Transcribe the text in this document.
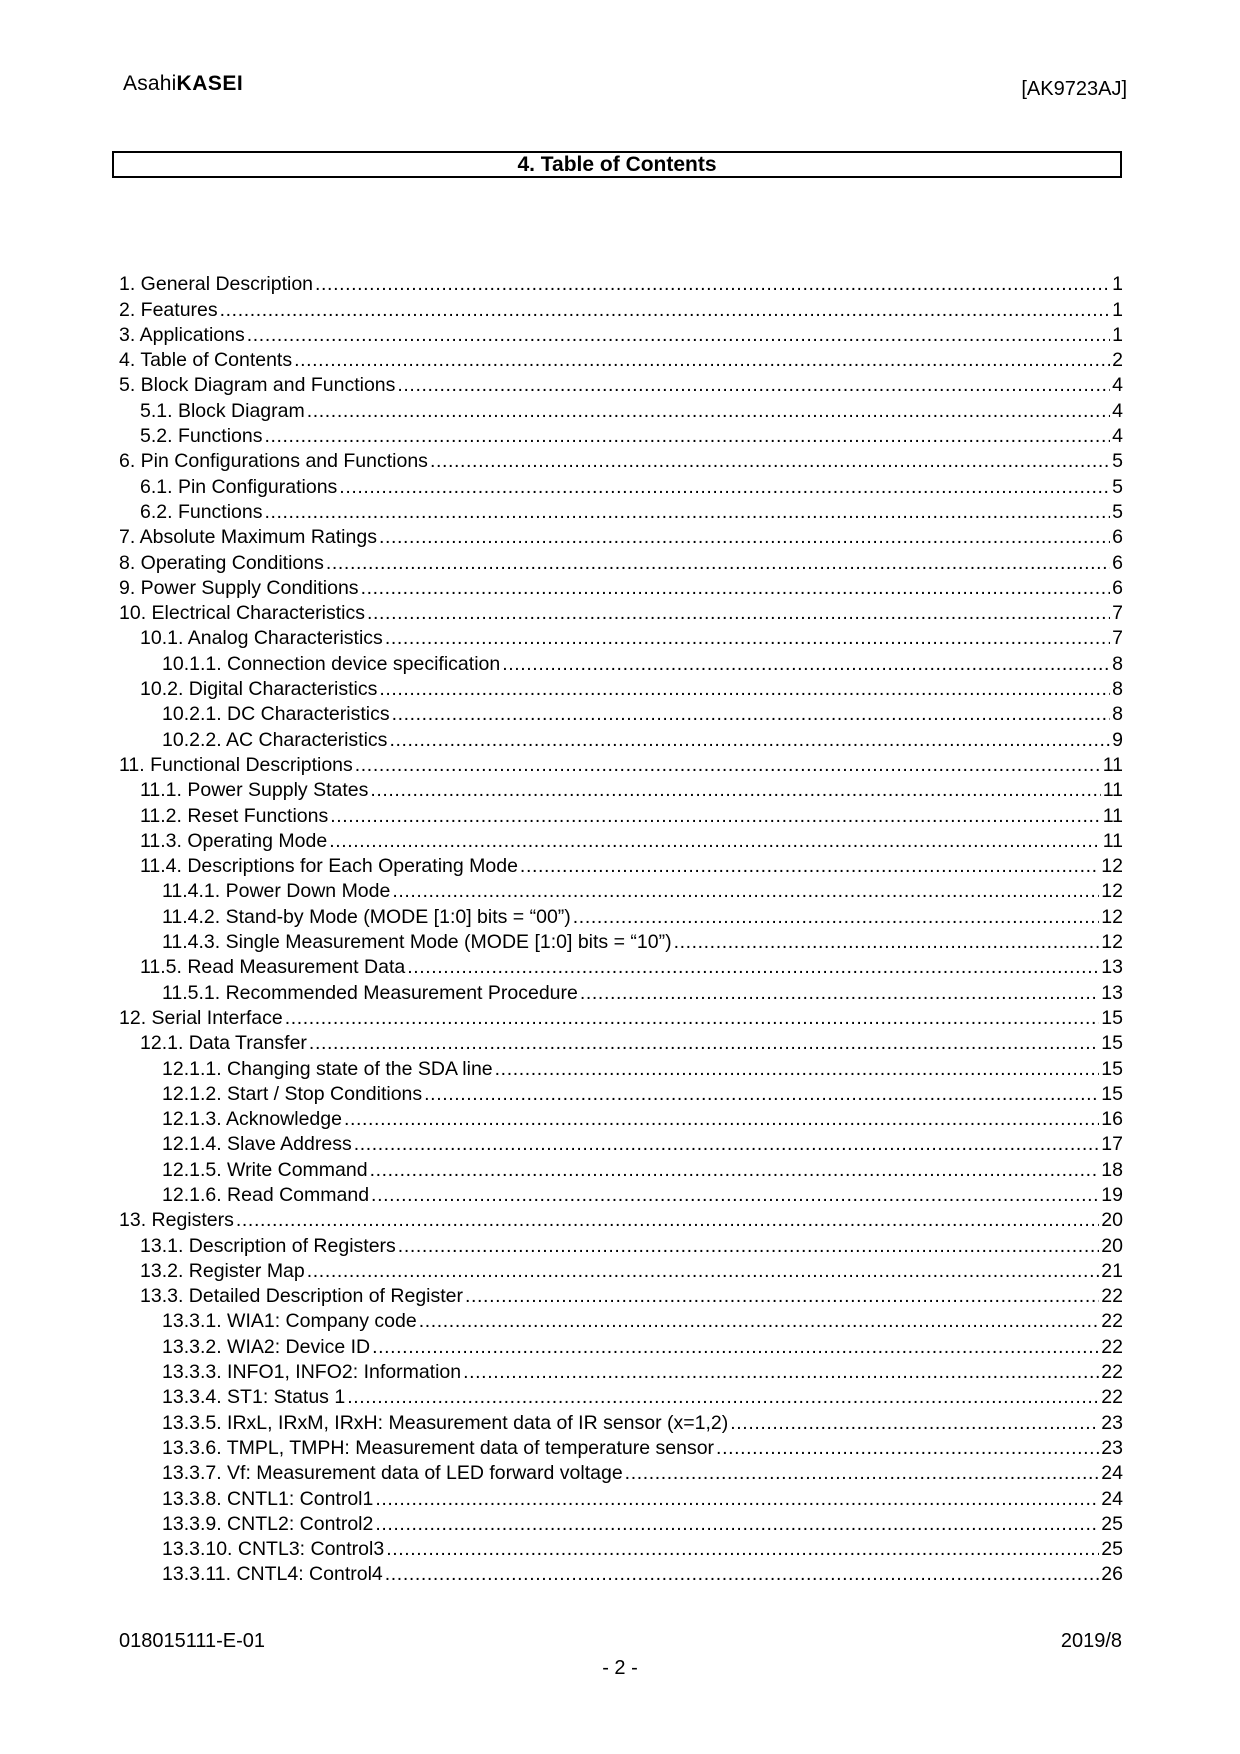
AsahiKASEI	[AK9723AJ]
4. Table of Contents
1. General Description .....	1
2. Features .....	1
3. Applications .....	1
4. Table of Contents .....	2
5. Block Diagram and Functions .....	4
5.1. Block Diagram .....	4
5.2. Functions .....	4
6. Pin Configurations and Functions .....	5
6.1. Pin Configurations .....	5
6.2. Functions .....	5
7. Absolute Maximum Ratings .....	6
8. Operating Conditions .....	6
9. Power Supply Conditions .....	6
10. Electrical Characteristics .....	7
10.1. Analog Characteristics .....	7
10.1.1. Connection device specification .....	8
10.2. Digital Characteristics .....	8
10.2.1. DC Characteristics .....	8
10.2.2. AC Characteristics .....	9
11. Functional Descriptions .....	11
11.1. Power Supply States .....	11
11.2. Reset Functions .....	11
11.3. Operating Mode .....	11
11.4. Descriptions for Each Operating Mode .....	12
11.4.1. Power Down Mode .....	12
11.4.2. Stand-by Mode (MODE [1:0] bits = “00”) .....	12
11.4.3. Single Measurement Mode (MODE [1:0] bits = “10”) .....	12
11.5. Read Measurement Data .....	13
11.5.1. Recommended Measurement Procedure .....	13
12. Serial Interface .....	15
12.1. Data Transfer .....	15
12.1.1. Changing state of the SDA line .....	15
12.1.2. Start / Stop Conditions .....	15
12.1.3. Acknowledge .....	16
12.1.4. Slave Address .....	17
12.1.5. Write Command .....	18
12.1.6. Read Command .....	19
13. Registers .....	20
13.1. Description of Registers .....	20
13.2. Register Map .....	21
13.3. Detailed Description of Register .....	22
13.3.1. WIA1: Company code .....	22
13.3.2. WIA2: Device ID .....	22
13.3.3. INFO1, INFO2: Information .....	22
13.3.4. ST1: Status 1 .....	22
13.3.5. IRxL, IRxM, IRxH: Measurement data of IR sensor (x=1,2) .....	23
13.3.6. TMPL, TMPH: Measurement data of temperature sensor .....	23
13.3.7. Vf: Measurement data of LED forward voltage .....	24
13.3.8. CNTL1: Control1 .....	24
13.3.9. CNTL2: Control2 .....	25
13.3.10. CNTL3: Control3 .....	25
13.3.11. CNTL4: Control4 .....	26
018015111-E-01	2019/8
- 2 -
